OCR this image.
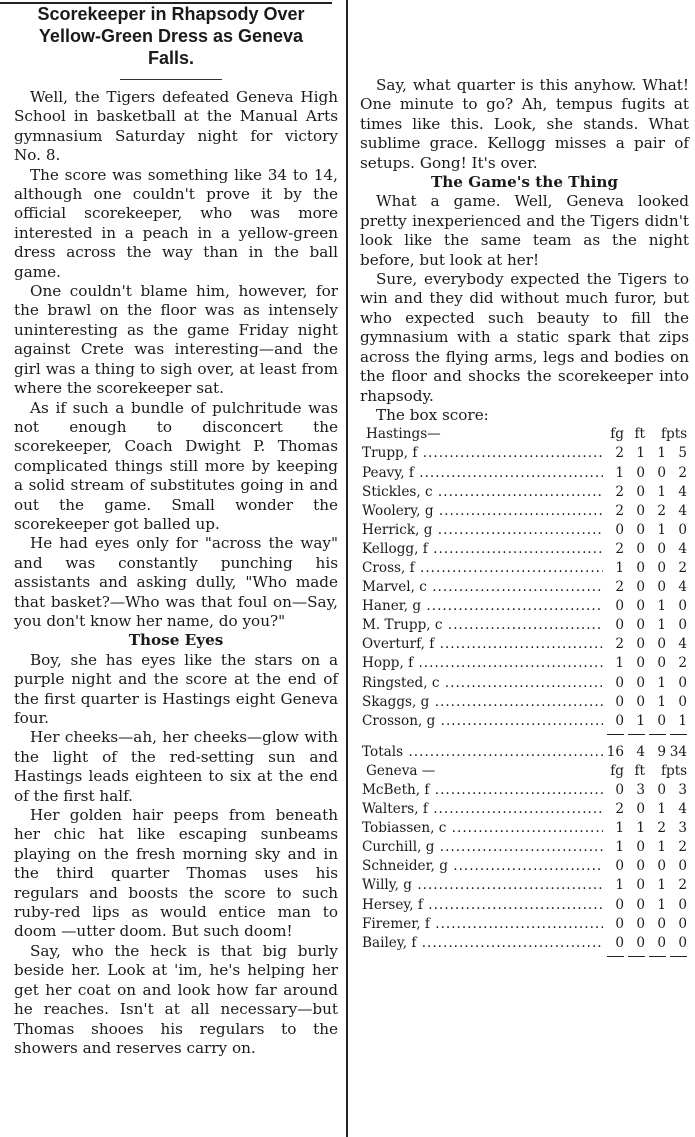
Scorekeeper in Rhapsody Over Yellow-Green Dress as Geneva Falls.

Well, the Tigers defeated Geneva High School in basketball at the Manual Arts gymnasium Saturday night for victory No. 8.

The score was something like 34 to 14, although one couldn't prove it by the official scorekeeper, who was more interested in a peach in a yellow-green dress across the way than in the ball game.

One couldn't blame him, however, for the brawl on the floor was as intensely uninteresting as the game Friday night against Crete was interesting—and the girl was a thing to sigh over, at least from where the scorekeeper sat.

As if such a bundle of pulchritude was not enough to disconcert the scorekeeper, Coach Dwight P. Thomas complicated things still more by keeping a solid stream of substitutes going in and out the game. Small wonder the scorekeeper got balled up.

He had eyes only for "across the way" and was constantly punching his assistants and asking dully, "Who made that basket?—Who was that foul on—Say, you don't know her name, do you?"

Those Eyes

Boy, she has eyes like the stars on a purple night and the score at the end of the first quarter is Hastings eight Geneva four.

Her cheeks—ah, her cheeks—glow with the light of the red-setting sun and Hastings leads eighteen to six at the end of the first half.

Her golden hair peeps from beneath her chic hat like escaping sunbeams playing on the fresh morning sky and in the third quarter Thomas uses his regulars and boosts the score to such ruby-red lips as would entice man to doom —utter doom. But such doom!

Say, who the heck is that big burly beside her. Look at 'im, he's helping her get her coat on and look how far around he reaches. Isn't at all necessary—but Thomas shooes his regulars to the showers and reserves carry on.

Say, what quarter is this anyhow. What! One minute to go? Ah, tempus fugits at times like this. Look, she stands. What sublime grace. Kellogg misses a pair of setups. Gong! It's over.

The Game's the Thing

What a game. Well, Geneva looked pretty inexperienced and the Tigers didn't look like the same team as the night before, but look at her!

Sure, everybody expected the Tigers to win and they did without much furor, but who expected such beauty to fill the gymnasium with a static spark that zips across the flying arms, legs and bodies on the floor and shocks the scorekeeper into rhapsody.

The box score:

Hastings—	fg ft	f pts
Trupp, f .....	2 1 1 5
Peavy, f .....	1 0 0 2
Stickles, c .....	2 0 1 4
Woolery, g .....	2 0 2 4
Herrick, g .....	0 0 1 0
Kellogg, f .....	2 0 0 4
Cross, f .....	1 0 0 2
Marvel, c .....	2 0 0 4
Haner, g .....	0 0 1 0
M. Trupp, c .....	0 0 1 0
Overturf, f .....	2 0 0 4
Hopp, f .....	1 0 0 2
Ringsted, c .....	0 0 1 0
Skaggs, g .....	0 0 1 0
Crosson, g .....	0 1 0 1
Totals .....	16 4 9 34
Geneva —	fg ft	f pts
McBeth, f .....	0 3 0 3
Walters, f .....	2 0 1 4
Tobiassen, c .....	1 1 2 3
Curchill, g .....	1 0 1 2
Schneider, g .....	0 0 0 0
Willy, g .....	1 0 1 2
Hersey, f .....	0 0 1 0
Firemer, f .....	0 0 0 0
Bailey, f .....	0 0 0 0
